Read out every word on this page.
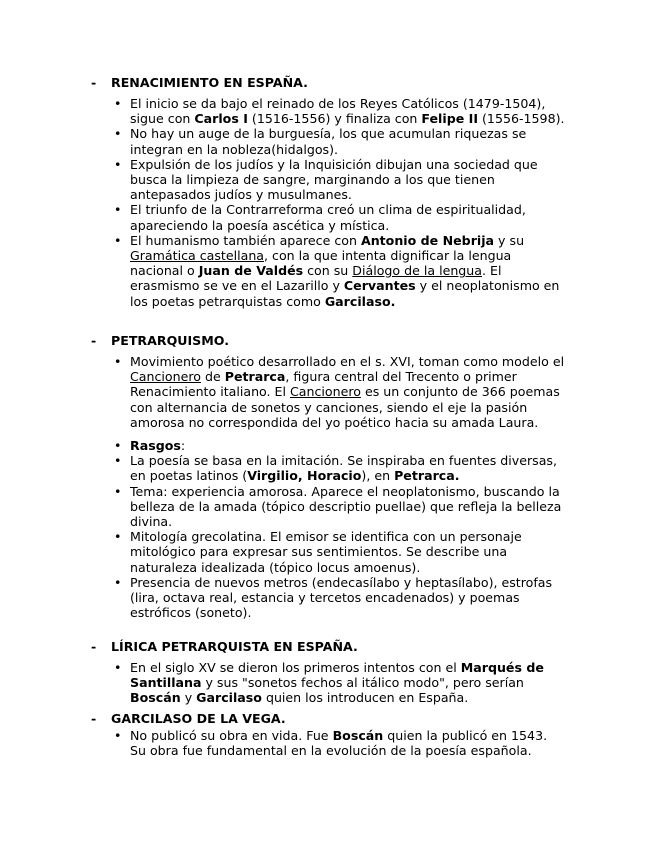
- RENACIMIENTO EN ESPAÑA.
• El inicio se da bajo el reinado de los Reyes Católicos (1479-1504), sigue con Carlos I (1516-1556) y finaliza con Felipe II (1556-1598).
• No hay un auge de la burguesía, los que acumulan riquezas se integran en la nobleza(hidalgos).
• Expulsión de los judíos y la Inquisición dibujan una sociedad que busca la limpieza de sangre, marginando a los que tienen antepasados judíos y musulmanes.
• El triunfo de la Contrarreforma creó un clima de espiritualidad, apareciendo la poesía ascética y mística.
• El humanismo también aparece con Antonio de Nebrija y su Gramática castellana, con la que intenta dignificar la lengua nacional o Juan de Valdés con su Diálogo de la lengua. El erasmismo se ve en el Lazarillo y Cervantes y el neoplatonismo en los poetas petrarquistas como Garcilaso.
- PETRARQUISMO.
• Movimiento poético desarrollado en el s. XVI, toman como modelo el Cancionero de Petrarca, figura central del Trecento o primer Renacimiento italiano. El Cancionero es un conjunto de 366 poemas con alternancia de sonetos y canciones, siendo el eje la pasión amorosa no correspondida del yo poético hacia su amada Laura.
• Rasgos:
• La poesía se basa en la imitación. Se inspiraba en fuentes diversas, en poetas latinos (Virgilio, Horacio), en Petrarca.
• Tema: experiencia amorosa. Aparece el neoplatonismo, buscando la belleza de la amada (tópico descriptio puellae) que refleja la belleza divina.
• Mitología grecolatina. El emisor se identifica con un personaje mitológico para expresar sus sentimientos. Se describe una naturaleza idealizada (tópico locus amoenus).
• Presencia de nuevos metros (endecasílabo y heptasílabo), estrofas (lira, octava real, estancia y tercetos encadenados) y poemas estróficos (soneto).
- LÍRICA PETRARQUISTA EN ESPAÑA.
• En el siglo XV se dieron los primeros intentos con el Marqués de Santillana y sus "sonetos fechos al itálico modo", pero serían Boscán y Garcilaso quien los introducen en España.
- GARCILASO DE LA VEGA.
• No publicó su obra en vida. Fue Boscán quien la publicó en 1543. Su obra fue fundamental en la evolución de la poesía española.
